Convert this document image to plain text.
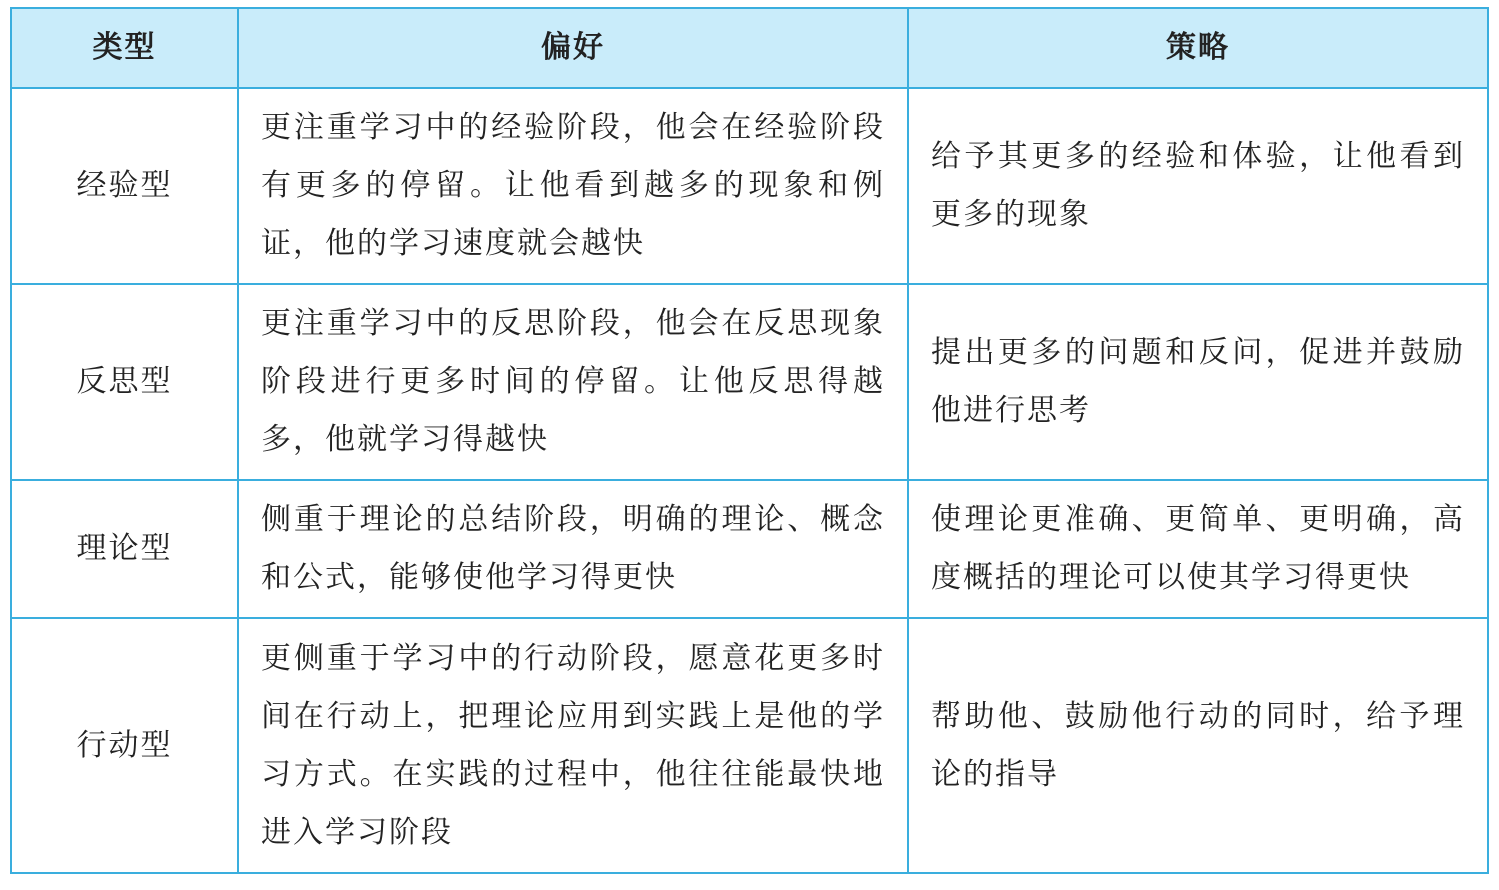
类型	偏好	策略
经验型	更注重学习中的经验阶段，他会在经验阶段有更多的停留。让他看到越多的现象和例证，他的学习速度就会越快	给予其更多的经验和体验，让他看到更多的现象
反思型	更注重学习中的反思阶段，他会在反思现象阶段进行更多时间的停留。让他反思得越多，他就学习得越快	提出更多的问题和反问，促进并鼓励他进行思考
理论型	侧重于理论的总结阶段，明确的理论、概念和公式，能够使他学习得更快	使理论更准确、更简单、更明确，高度概括的理论可以使其学习得更快
行动型	更侧重于学习中的行动阶段，愿意花更多时间在行动上，把理论应用到实践上是他的学习方式。在实践的过程中，他往往能最快地进入学习阶段	帮助他、鼓励他行动的同时，给予理论的指导
